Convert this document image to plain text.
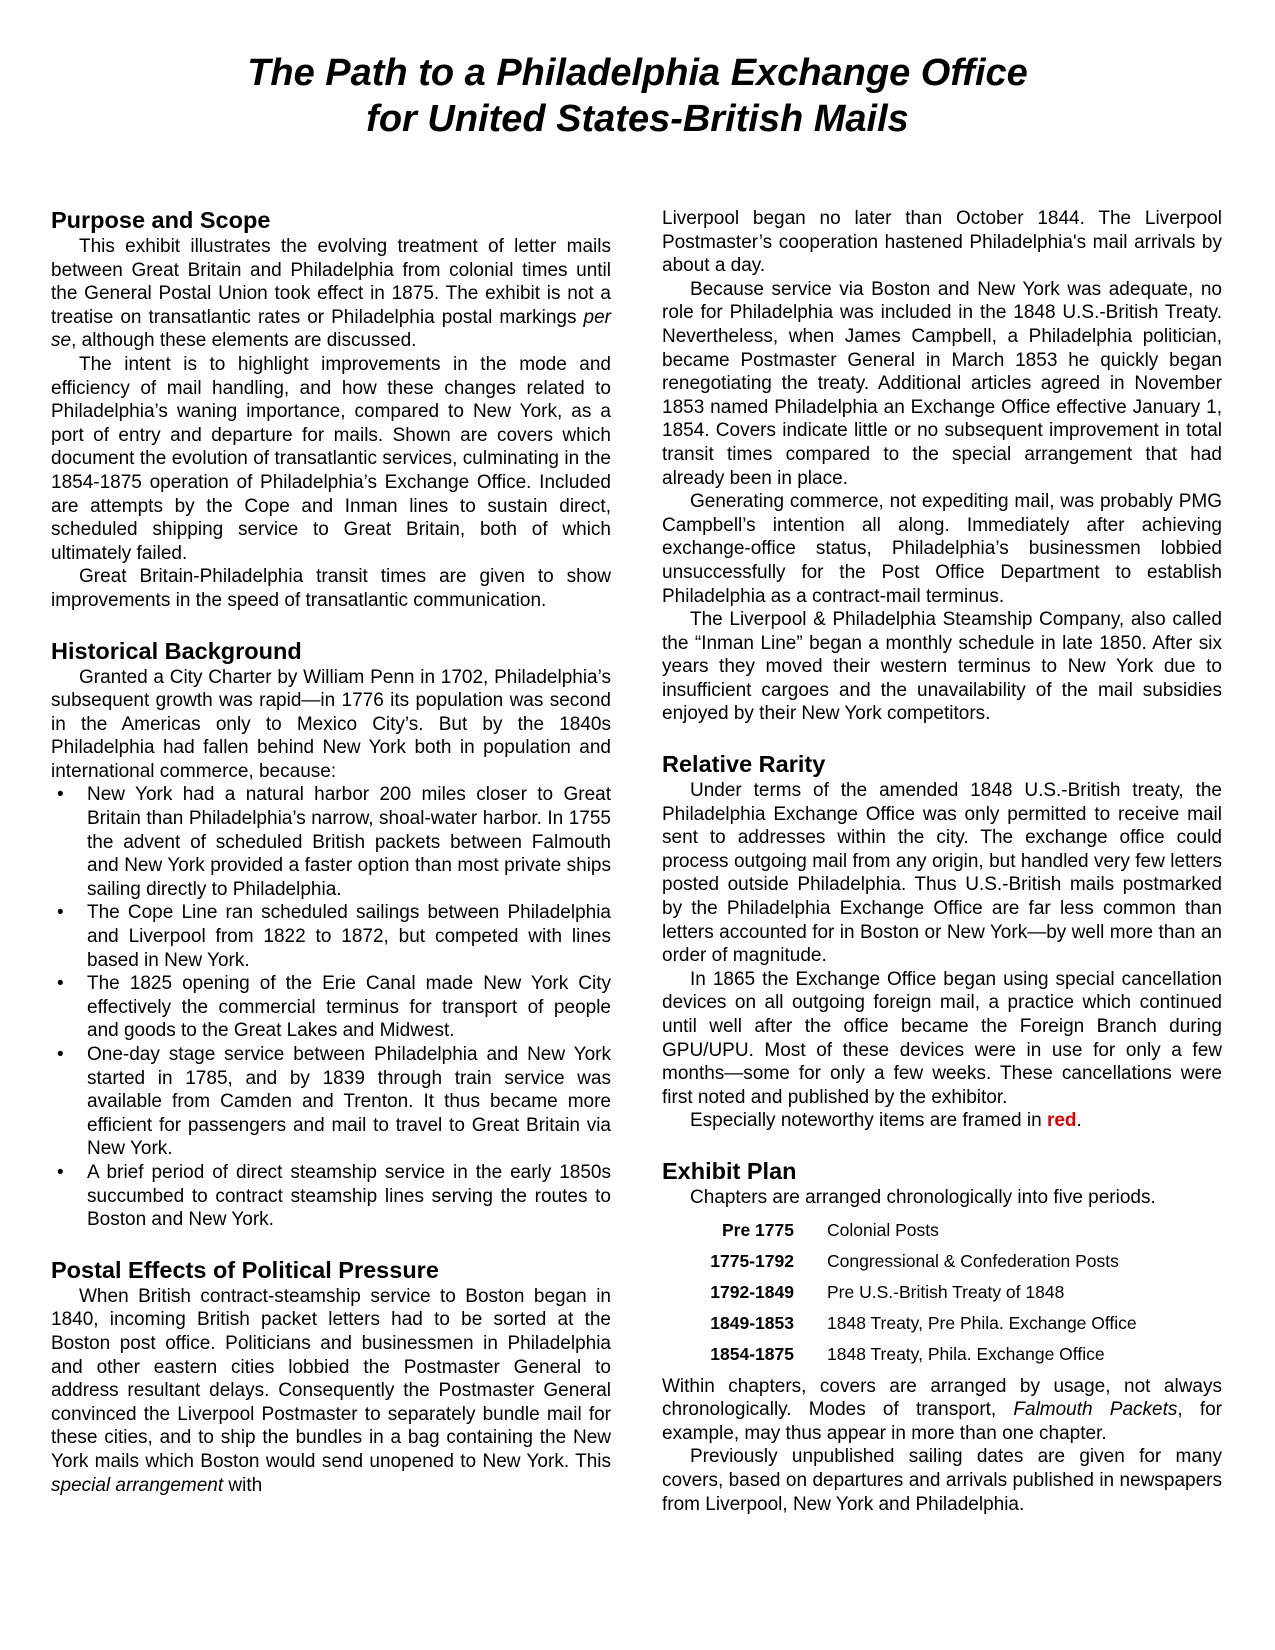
The Path to a Philadelphia Exchange Office
for United States-British Mails
Purpose and Scope

This exhibit illustrates the evolving treatment of letter mails between Great Britain and Philadelphia from colonial times until the General Postal Union took effect in 1875. The exhibit is not a treatise on transatlantic rates or Philadelphia postal markings per se, although these elements are discussed.

The intent is to highlight improvements in the mode and efficiency of mail handling, and how these changes related to Philadelphia’s waning importance, compared to New York, as a port of entry and departure for mails. Shown are covers which document the evolution of transatlantic services, culminating in the 1854-1875 operation of Philadelphia’s Exchange Office. Included are attempts by the Cope and Inman lines to sustain direct, scheduled shipping service to Great Britain, both of which ultimately failed.

Great Britain-Philadelphia transit times are given to show improvements in the speed of transatlantic communication.

Historical Background

Granted a City Charter by William Penn in 1702, Philadelphia’s subsequent growth was rapid—in 1776 its population was second in the Americas only to Mexico City’s. But by the 1840s Philadelphia had fallen behind New York both in population and international commerce, because:

• New York had a natural harbor 200 miles closer to Great Britain than Philadelphia’s narrow, shoal-water harbor. In 1755 the advent of scheduled British packets between Falmouth and New York provided a faster option than most private ships sailing directly to Philadelphia.
• The Cope Line ran scheduled sailings between Philadelphia and Liverpool from 1822 to 1872, but competed with lines based in New York.
• The 1825 opening of the Erie Canal made New York City effectively the commercial terminus for transport of people and goods to the Great Lakes and Midwest.
• One-day stage service between Philadelphia and New York started in 1785, and by 1839 through train service was available from Camden and Trenton. It thus became more efficient for passengers and mail to travel to Great Britain via New York.
• A brief period of direct steamship service in the early 1850s succumbed to contract steamship lines serving the routes to Boston and New York.
Postal Effects of Political Pressure

When British contract-steamship service to Boston began in 1840, incoming British packet letters had to be sorted at the Boston post office. Politicians and businessmen in Philadelphia and other eastern cities lobbied the Postmaster General to address resultant delays. Consequently the Postmaster General convinced the Liverpool Postmaster to separately bundle mail for these cities, and to ship the bundles in a bag containing the New York mails which Boston would send unopened to New York. This special arrangement with

Liverpool began no later than October 1844. The Liverpool Postmaster’s cooperation hastened Philadelphia's mail arrivals by about a day.

Because service via Boston and New York was adequate, no role for Philadelphia was included in the 1848 U.S.-British Treaty. Nevertheless, when James Campbell, a Philadelphia politician, became Postmaster General in March 1853 he quickly began renegotiating the treaty. Additional articles agreed in November 1853 named Philadelphia an Exchange Office effective January 1, 1854. Covers indicate little or no subsequent improvement in total transit times compared to the special arrangement that had already been in place.

Generating commerce, not expediting mail, was probably PMG Campbell’s intention all along. Immediately after achieving exchange-office status, Philadelphia’s businessmen lobbied unsuccessfully for the Post Office Department to establish Philadelphia as a contract-mail terminus.

The Liverpool & Philadelphia Steamship Company, also called the “Inman Line” began a monthly schedule in late 1850. After six years they moved their western terminus to New York due to insufficient cargoes and the unavailability of the mail subsidies enjoyed by their New York competitors.

Relative Rarity

Under terms of the amended 1848 U.S.-British treaty, the Philadelphia Exchange Office was only permitted to receive mail sent to addresses within the city. The exchange office could process outgoing mail from any origin, but handled very few letters posted outside Philadelphia. Thus U.S.-British mails postmarked by the Philadelphia Exchange Office are far less common than letters accounted for in Boston or New York—by well more than an order of magnitude.

In 1865 the Exchange Office began using special cancellation devices on all outgoing foreign mail, a practice which continued until well after the office became the Foreign Branch during GPU/UPU. Most of these devices were in use for only a few months—some for only a few weeks. These cancellations were first noted and published by the exhibitor.

Especially noteworthy items are framed in red.

Exhibit Plan

Chapters are arranged chronologically into five periods.

Pre 1775	Colonial Posts
1775-1792	Congressional & Confederation Posts
1792-1849	Pre U.S.-British Treaty of 1848
1849-1853	1848 Treaty, Pre Phila. Exchange Office
1854-1875	1848 Treaty, Phila. Exchange Office

Within chapters, covers are arranged by usage, not always chronologically. Modes of transport, Falmouth Packets, for example, may thus appear in more than one chapter.

Previously unpublished sailing dates are given for many covers, based on departures and arrivals published in newspapers from Liverpool, New York and Philadelphia.
